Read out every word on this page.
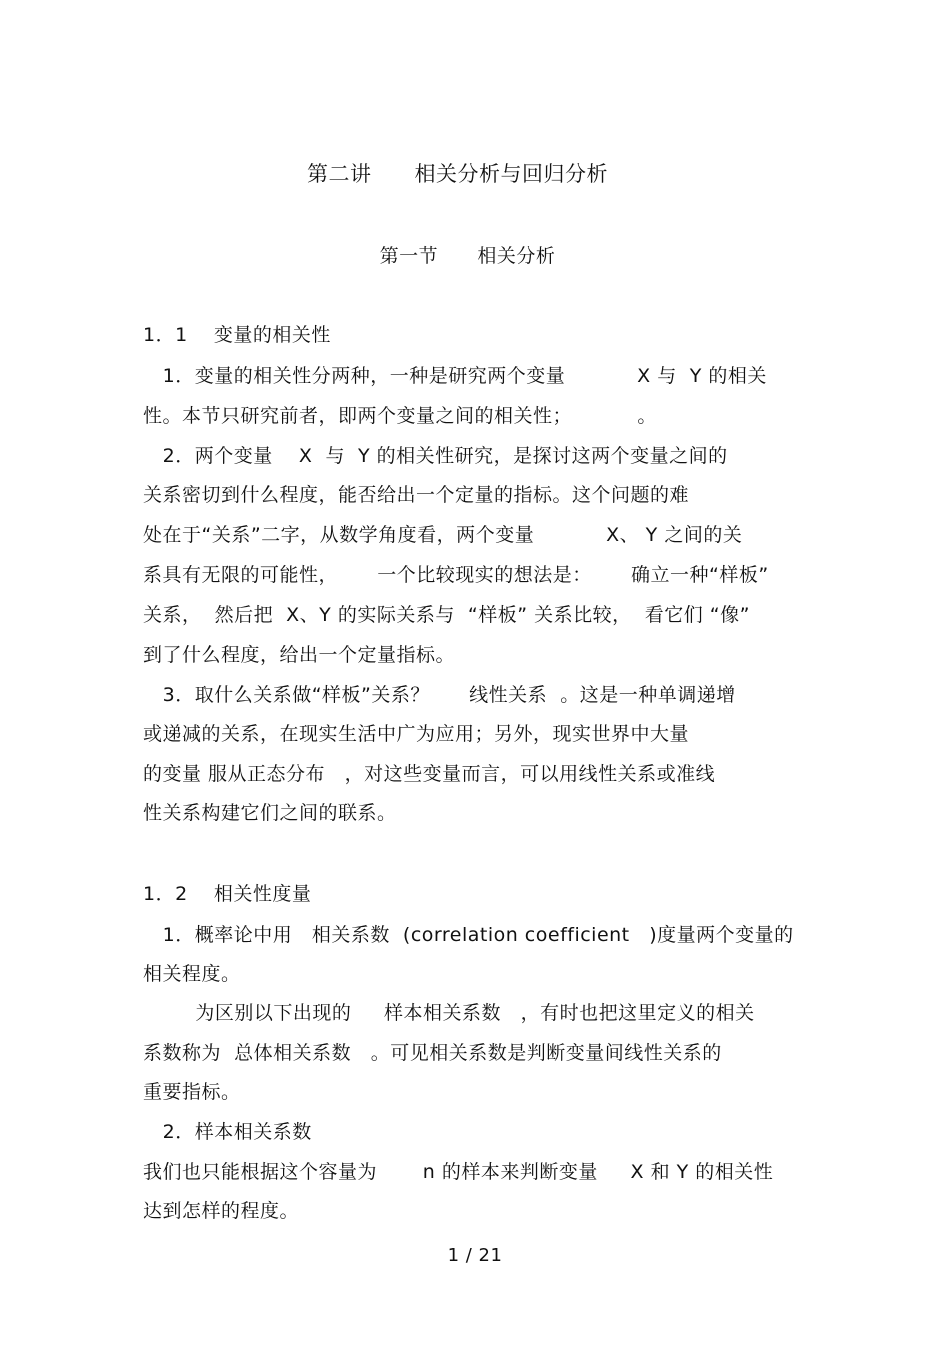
第二讲      相关分析与回归分析
第一节      相关分析
1．1    变量的相关性
1．变量的相关性分两种，一种是研究两个变量           X 与  Y 的相关
性。本节只研究前者，即两个变量之间的相关性；          。
2．两个变量    X  与  Y 的相关性研究，是探讨这两个变量之间的
关系密切到什么程度，能否给出一个定量的指标。这个问题的难
处在于“关系”二字，从数学角度看，两个变量           X、 Y 之间的关
系具有无限的可能性，      一个比较现实的想法是：      确立一种“样板”
关系，  然后把  X、Y 的实际关系与  “样板” 关系比较，  看它们 “像”
到了什么程度，给出一个定量指标。
3．取什么关系做“样板”关系？      线性关系  。这是一种单调递增
或递减的关系，在现实生活中广为应用；另外，现实世界中大量
的变量 服从正态分布   ，对这些变量而言，可以用线性关系或准线
性关系构建它们之间的联系。
1．2    相关性度量
1．概率论中用   相关系数  (correlation coefficient   )度量两个变量的
相关程度。
为区别以下出现的     样本相关系数   ，有时也把这里定义的相关
系数称为  总体相关系数   。可见相关系数是判断变量间线性关系的
重要指标。
2．样本相关系数
我们也只能根据这个容量为       n 的样本来判断变量     X 和 Y 的相关性
达到怎样的程度。
1 / 21
